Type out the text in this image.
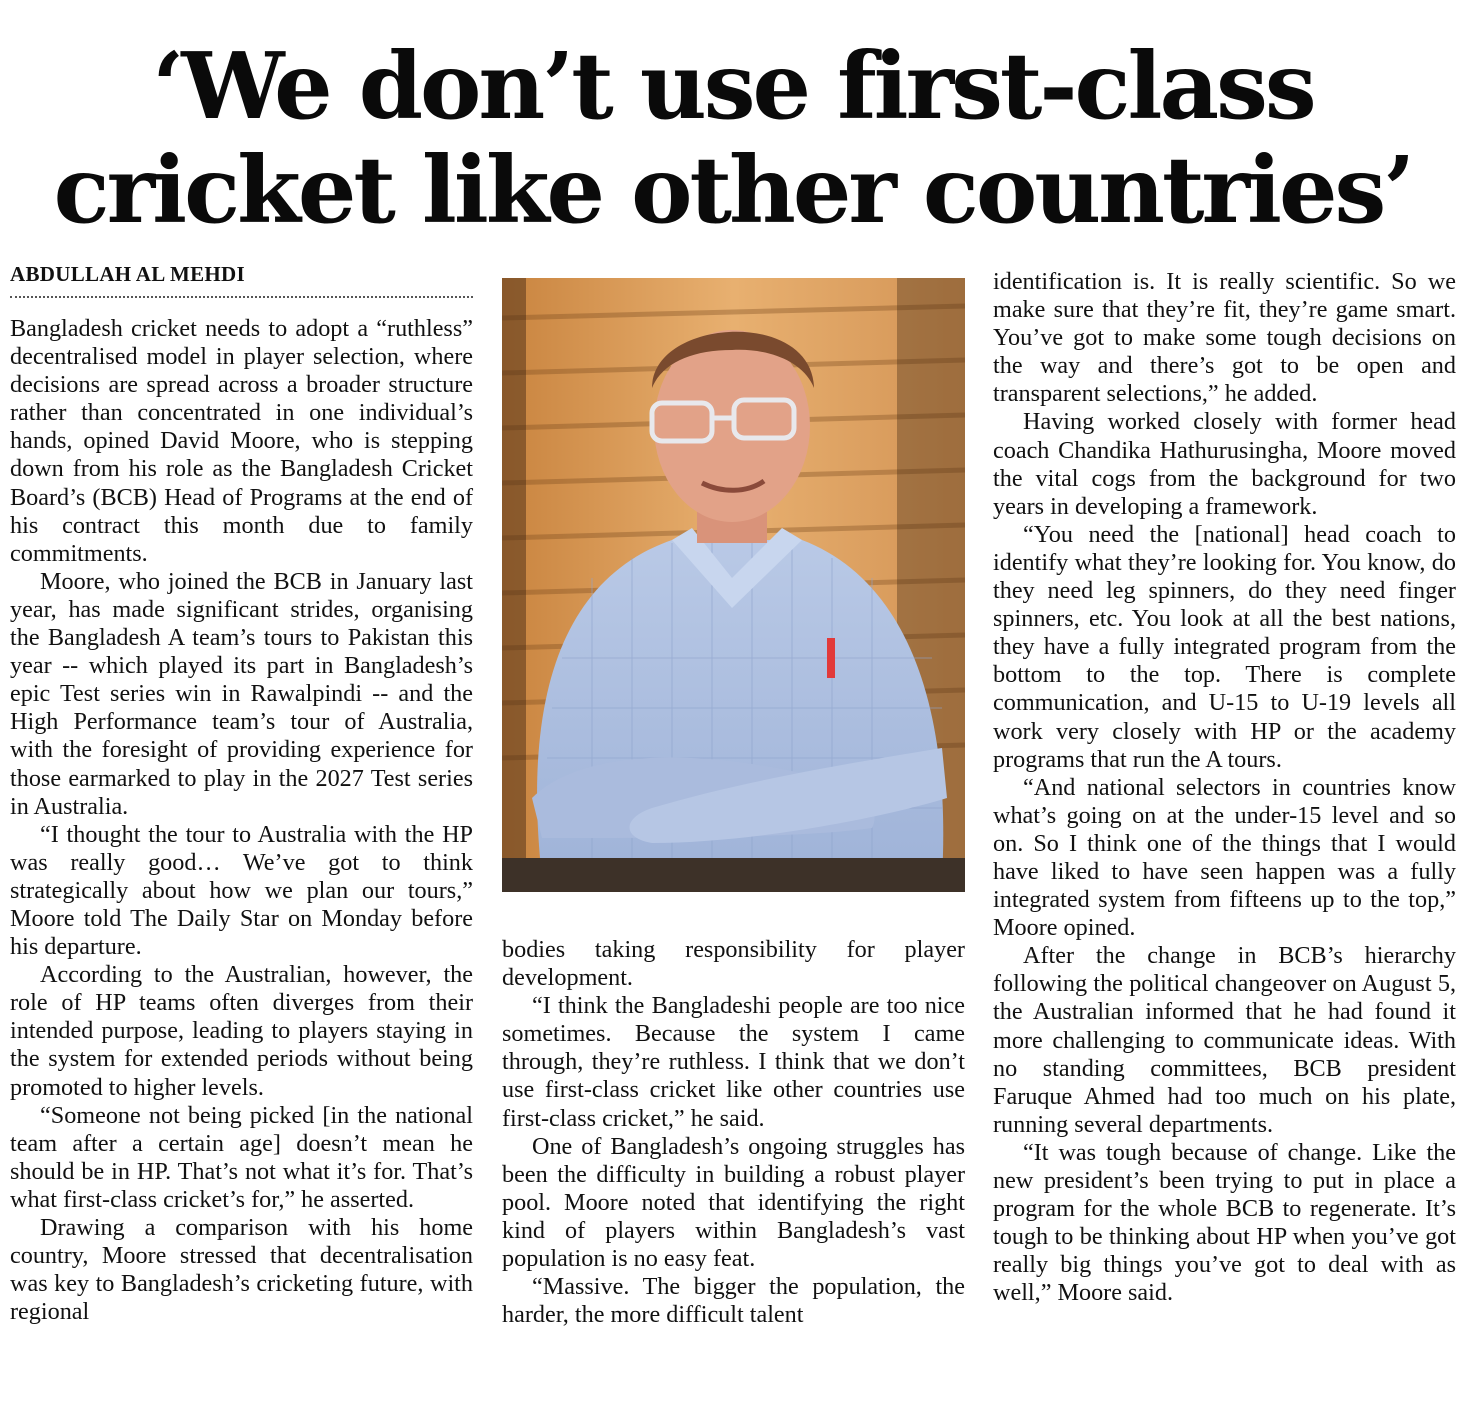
‘We don’t use first-class
cricket like other countries’
ABDULLAH AL MEHDI

Bangladesh cricket needs to adopt a “ruthless” decentralised model in player selection, where decisions are spread across a broader structure rather than concentrated in one individual’s hands, opined David Moore, who is stepping down from his role as the Bangladesh Cricket Board’s (BCB) Head of Programs at the end of his contract this month due to family commitments.

Moore, who joined the BCB in January last year, has made significant strides, organising the Bangladesh A team’s tours to Pakistan this year -- which played its part in Bangladesh’s epic Test series win in Rawalpindi -- and the High Performance team’s tour of Australia, with the foresight of providing experience for those earmarked to play in the 2027 Test series in Australia.

“I thought the tour to Australia with the HP was really good… We’ve got to think strategically about how we plan our tours,” Moore told The Daily Star on Monday before his departure.

According to the Australian, however, the role of HP teams often diverges from their intended purpose, leading to players staying in the system for extended periods without being promoted to higher levels.

“Someone not being picked [in the national team after a certain age] doesn’t mean he should be in HP. That’s not what it’s for. That’s what first-class cricket’s for,” he asserted.

Drawing a comparison with his home country, Moore stressed that decentralisation was key to Bangladesh’s cricketing future, with regional

bodies taking responsibility for player development.

“I think the Bangladeshi people are too nice sometimes. Because the system I came through, they’re ruthless. I think that we don’t use first-class cricket like other countries use first-class cricket,” he said.

One of Bangladesh’s ongoing struggles has been the difficulty in building a robust player pool. Moore noted that identifying the right kind of players within Bangladesh’s vast population is no easy feat.

“Massive. The bigger the population, the harder, the more difficult talent

identification is. It is really scientific. So we make sure that they’re fit, they’re game smart. You’ve got to make some tough decisions on the way and there’s got to be open and transparent selections,” he added.

Having worked closely with former head coach Chandika Hathurusingha, Moore moved the vital cogs from the background for two years in developing a framework.

“You need the [national] head coach to identify what they’re looking for. You know, do they need leg spinners, do they need finger spinners, etc. You look at all the best nations, they have a fully integrated program from the bottom to the top. There is complete communication, and U-15 to U-19 levels all work very closely with HP or the academy programs that run the A tours.

“And national selectors in countries know what’s going on at the under-15 level and so on. So I think one of the things that I would have liked to have seen happen was a fully integrated system from fifteens up to the top,” Moore opined.

After the change in BCB’s hierarchy following the political changeover on August 5, the Australian informed that he had found it more challenging to communicate ideas. With no standing committees, BCB president Faruque Ahmed had too much on his plate, running several departments.

“It was tough because of change. Like the new president’s been trying to put in place a program for the whole BCB to regenerate. It’s tough to be thinking about HP when you’ve got really big things you’ve got to deal with as well,” Moore said.
